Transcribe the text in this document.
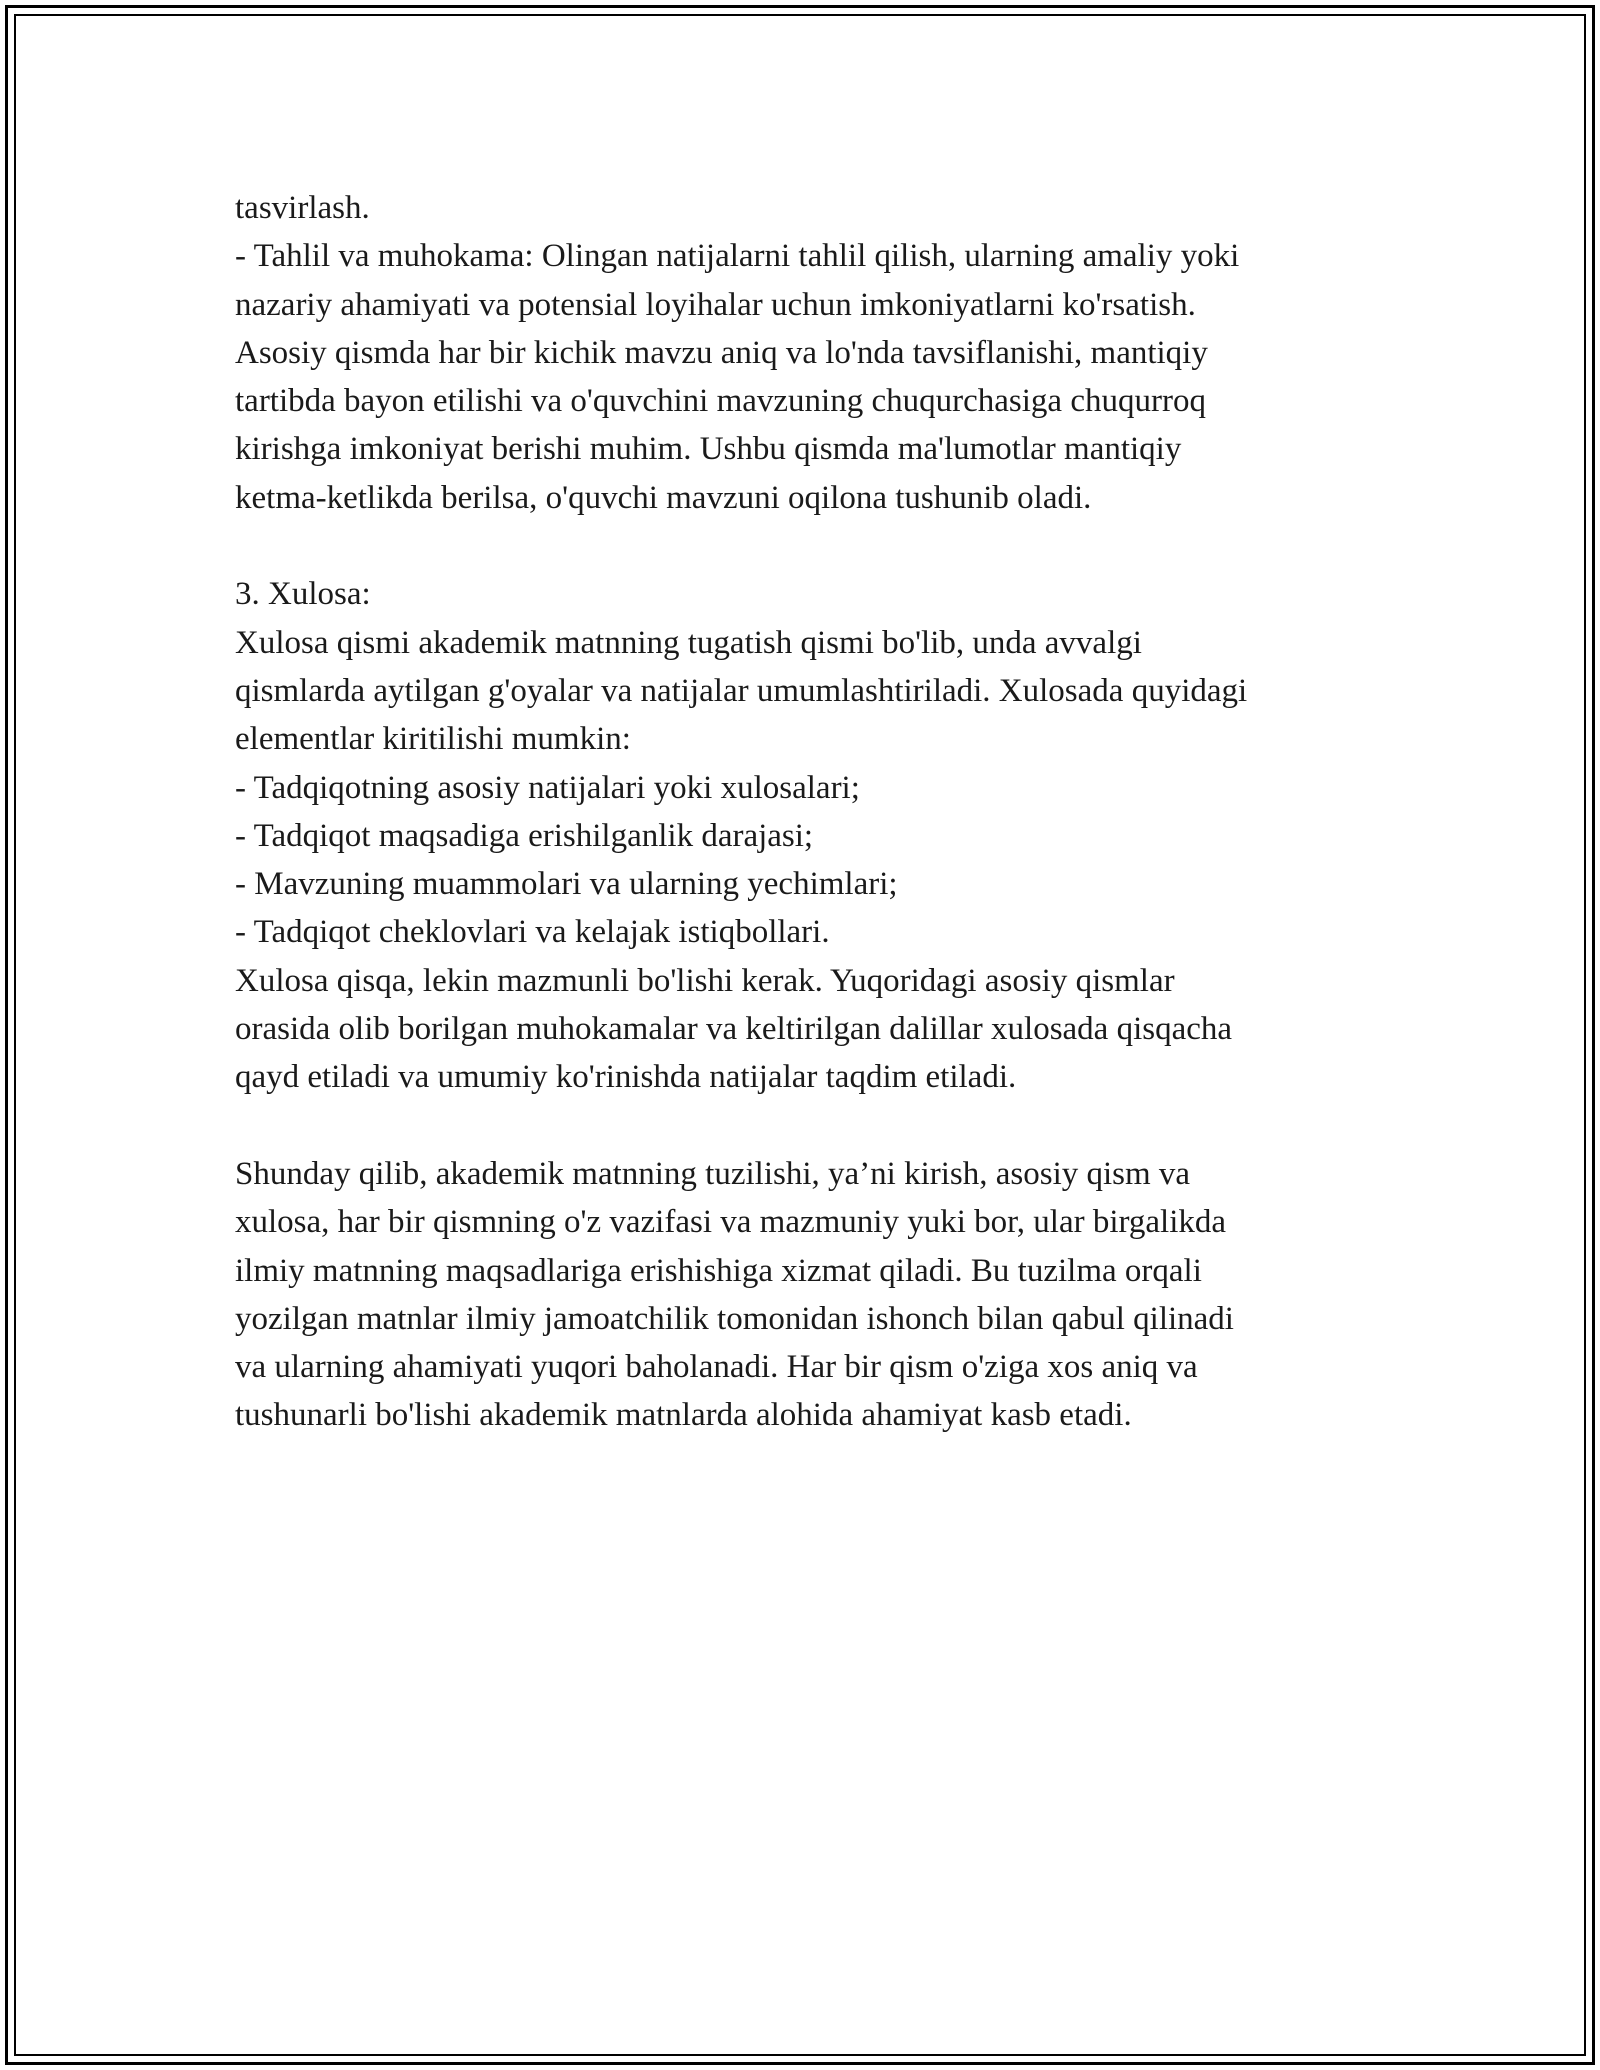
tasvirlash.
- Tahlil va muhokama: Olingan natijalarni tahlil qilish, ularning amaliy yoki
nazariy ahamiyati va potensial loyihalar uchun imkoniyatlarni ko'rsatish.
Asosiy qismda har bir kichik mavzu aniq va lo'nda tavsiflanishi, mantiqiy
tartibda bayon etilishi va o'quvchini mavzuning chuqurchasiga chuqurroq
kirishga imkoniyat berishi muhim. Ushbu qismda ma'lumotlar mantiqiy
ketma-ketlikda berilsa, o'quvchi mavzuni oqilona tushunib oladi.
3. Xulosa:
Xulosa qismi akademik matnning tugatish qismi bo'lib, unda avvalgi
qismlarda aytilgan g'oyalar va natijalar umumlashtiriladi. Xulosada quyidagi
elementlar kiritilishi mumkin:
- Tadqiqotning asosiy natijalari yoki xulosalari;
- Tadqiqot maqsadiga erishilganlik darajasi;
- Mavzuning muammolari va ularning yechimlari;
- Tadqiqot cheklovlari va kelajak istiqbollari.
Xulosa qisqa, lekin mazmunli bo'lishi kerak. Yuqoridagi asosiy qismlar
orasida olib borilgan muhokamalar va keltirilgan dalillar xulosada qisqacha
qayd etiladi va umumiy ko'rinishda natijalar taqdim etiladi.
Shunday qilib, akademik matnning tuzilishi, ya’ni kirish, asosiy qism va
xulosa, har bir qismning o'z vazifasi va mazmuniy yuki bor, ular birgalikda
ilmiy matnning maqsadlariga erishishiga xizmat qiladi. Bu tuzilma orqali
yozilgan matnlar ilmiy jamoatchilik tomonidan ishonch bilan qabul qilinadi
va ularning ahamiyati yuqori baholanadi. Har bir qism o'ziga xos aniq va
tushunarli bo'lishi akademik matnlarda alohida ahamiyat kasb etadi.
